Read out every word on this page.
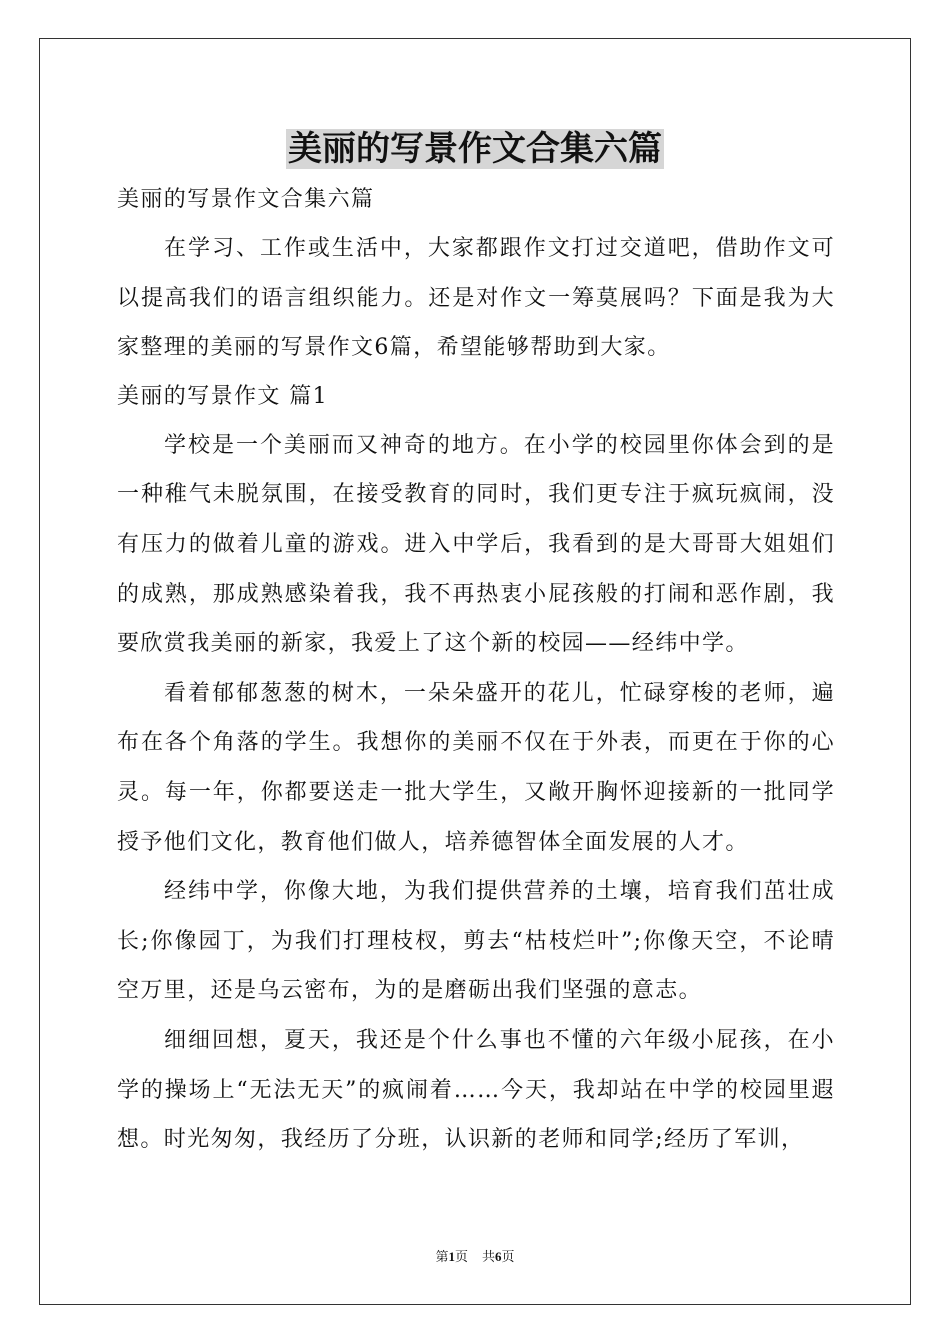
美丽的写景作文合集六篇

美丽的写景作文合集六篇

在学习、工作或生活中，大家都跟作文打过交道吧，借助作文可以提高我们的语言组织能力。还是对作文一筹莫展吗？下面是我为大家整理的美丽的写景作文6篇，希望能够帮助到大家。

美丽的写景作文 篇1

学校是一个美丽而又神奇的地方。在小学的校园里你体会到的是一种稚气未脱氛围，在接受教育的同时，我们更专注于疯玩疯闹，没有压力的做着儿童的游戏。进入中学后，我看到的是大哥哥大姐姐们的成熟，那成熟感染着我，我不再热衷小屁孩般的打闹和恶作剧，我要欣赏我美丽的新家，我爱上了这个新的校园——经纬中学。

看着郁郁葱葱的树木，一朵朵盛开的花儿，忙碌穿梭的老师，遍布在各个角落的学生。我想你的美丽不仅在于外表，而更在于你的心灵。每一年，你都要送走一批大学生，又敞开胸怀迎接新的一批同学授予他们文化，教育他们做人，培养德智体全面发展的人才。

经纬中学，你像大地，为我们提供营养的土壤，培育我们茁壮成长;你像园丁，为我们打理枝杈，剪去“枯枝烂叶”;你像天空，不论晴空万里，还是乌云密布，为的是磨砺出我们坚强的意志。

细细回想，夏天，我还是个什么事也不懂的六年级小屁孩，在小学的操场上“无法无天”的疯闹着……今天，我却站在中学的校园里遐想。时光匆匆，我经历了分班，认识新的老师和同学;经历了军训，

第1页 共6页
